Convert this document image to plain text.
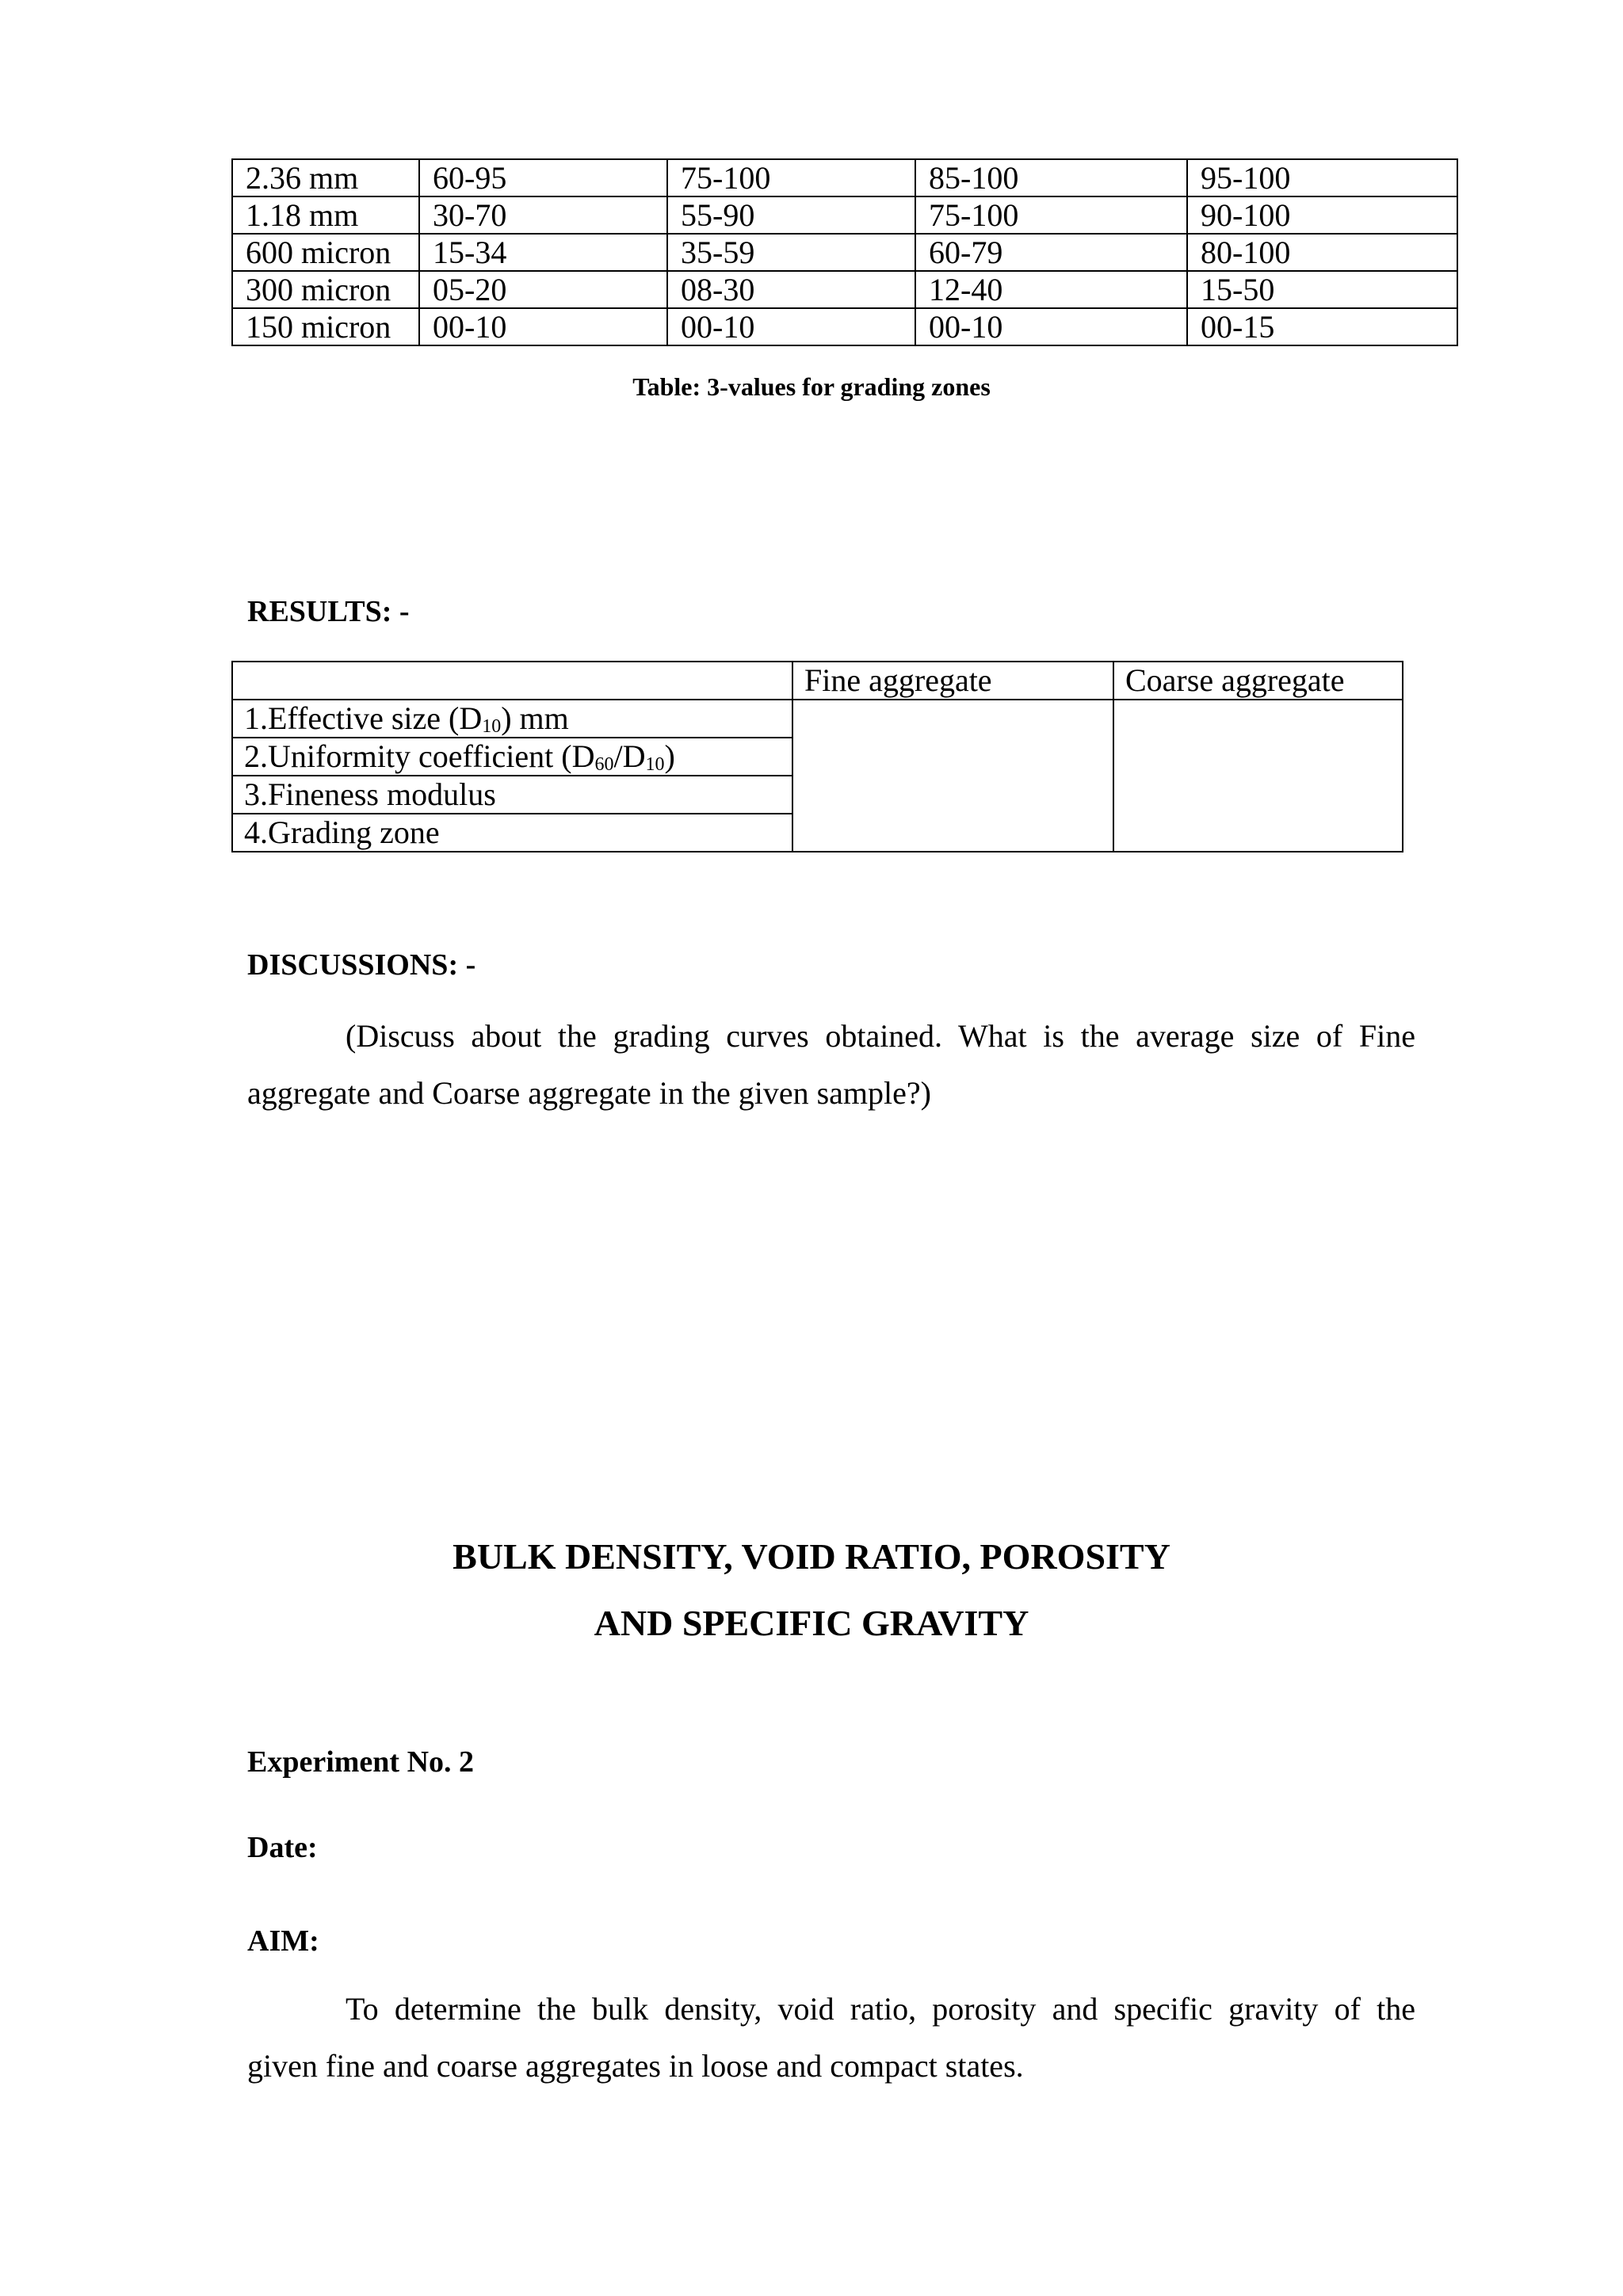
2.36 mm	60-95	75-100	85-100	95-100
1.18 mm	30-70	55-90	75-100	90-100
600 micron	15-34	35-59	60-79	80-100
300 micron	05-20	08-30	12-40	15-50
150 micron	00-10	00-10	00-10	00-15
Table: 3-values for grading zones
RESULTS: -
	Fine aggregate	Coarse aggregate
1.Effective size $(D_{10})$ mm		
2.Uniformity coefficient $(D_{60}/D_{10})$		
3.Fineness modulus		
4.Grading zone		
DISCUSSIONS: -
(Discuss about the grading curves obtained. What is the average size of Fine
aggregate and Coarse aggregate in the given sample?)
BULK DENSITY, VOID RATIO, POROSITY
AND SPECIFIC GRAVITY
Experiment No. 2
Date:
AIM:
To determine the bulk density, void ratio, porosity and specific gravity of the
given fine and coarse aggregates in loose and compact states.
